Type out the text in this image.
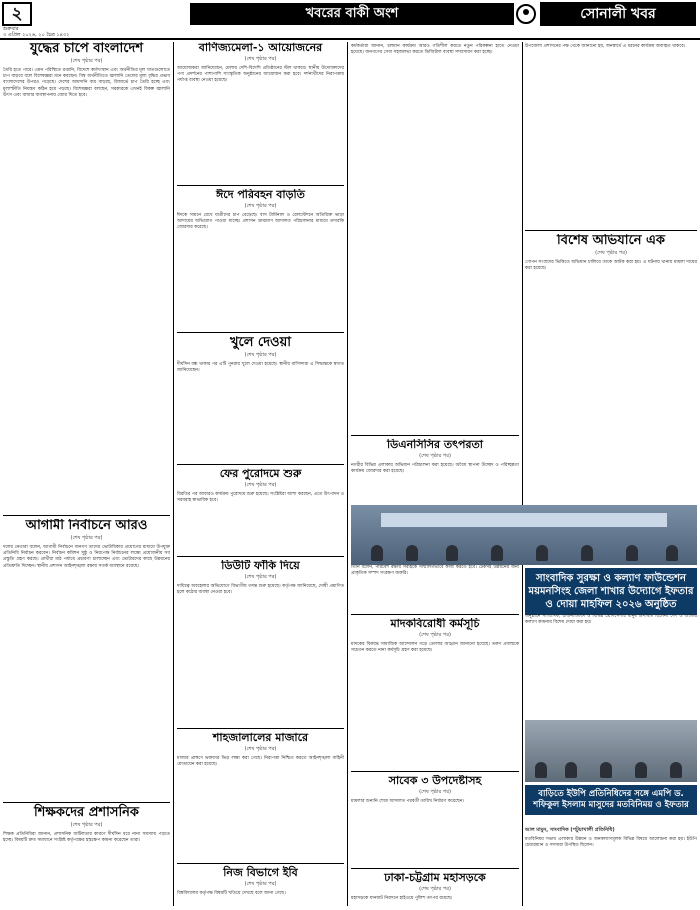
২
শুক্রবার
৩ এপ্রিল ২০২৬, ২০ চৈত্র ১৪৩২
খবরের বাকী অংশ	সোনালী খবর
যুদ্ধের চাপে বাংলাদেশ
(শেষ পৃষ্ঠার পর)
তৈরি হতে পারে। এমন পরিস্থিতে রপ্তানি, বিদেশে কর্মসংস্থান এবং অর্থনীতির মূল খাতগুলোতে চাপ বাড়বে বলে বিশেষজ্ঞরা মনে করছেন। বিশ্ব অর্থনীতিতে জ্বালানি তেলের মূল্য বৃদ্ধির প্রভাব বাংলাদেশের উপরও পড়েছে। দেশের আমদানি ব্যয় বাড়ছে, রিজার্ভে চাপ তৈরি হচ্ছে এবং মূল্যস্ফীতি নিয়ন্ত্রণ কঠিন হয়ে পড়ছে। বিশেষজ্ঞরা বলছেন, সরকারকে এখনই বিকল্প জ্বালানি উৎস এবং বাজার ব্যবস্থাপনায় জোর দিতে হবে।
আগামী নির্বাচনে আরও
(শেষ পৃষ্ঠার পর)
দলের নেতারা বলেন, আগামী নির্বাচনে জনগণ তাদের ভোটাধিকার প্রয়োগের মাধ্যমে উপযুক্ত প্রতিনিধি নির্বাচন করবেন। নির্বাচন কমিশন সুষ্ঠু ও নিরপেক্ষ নির্বাচনের লক্ষ্যে প্রয়োজনীয় সব প্রস্তুতি গ্রহণ করছে। প্রার্থীরা মাঠ পর্যায়ে প্রচারণা চালাচ্ছেন এবং ভোটারদের কাছে উন্নয়নের প্রতিশ্রুতি দিচ্ছেন। স্থানীয় প্রশাসন আইনশৃঙ্খলা রক্ষায় সতর্ক অবস্থানে রয়েছে।
শিক্ষকদের প্রশাসনিক
(শেষ পৃষ্ঠার পর)
শিক্ষক প্রতিনিধিরা জানান, প্রশাসনিক জটিলতার কারণে দীর্ঘদিন ধরে নানা সমস্যায় পড়তে হচ্ছে। বিষয়টি দ্রুত সমাধানে সংশ্লিষ্ট কর্তৃপক্ষের হস্তক্ষেপ কামনা করেছেন তারা।
বাণিজ্যমেলা-১ আয়োজনের
(শেষ পৃষ্ঠার পর)
আয়োজকরা জানিয়েছেন, মেলায় দেশি-বিদেশি প্রতিষ্ঠানের স্টল থাকবে। স্থানীয় উদ্যোক্তাদের পণ্য প্রদর্শনের পাশাপাশি সাংস্কৃতিক অনুষ্ঠানের আয়োজন করা হবে। দর্শনার্থীদের নিরাপত্তায় পর্যাপ্ত ব্যবস্থা নেওয়া হয়েছে।
ঈদে পরিবহন বাড়তি
(শেষ পৃষ্ঠার পর)
ঈদকে সামনে রেখে যাত্রীদের চাপ বেড়েছে। বাস টার্মিনাল ও রেলস্টেশনে অতিরিক্ত ভাড়া আদায়ের অভিযোগ পাওয়া যাচ্ছে। প্রশাসন ভ্রাম্যমাণ আদালত পরিচালনার মাধ্যমে তদারকি জোরদার করেছে।
খুলে দেওয়া
(শেষ পৃষ্ঠার পর)
দীর্ঘদিন বন্ধ থাকার পর এটি পুনরায় খুলে দেওয়া হয়েছে। স্থানীয় বাসিন্দারা এ সিদ্ধান্তকে স্বাগত জানিয়েছেন।
ফের পুরোদমে শুরু
(শেষ পৃষ্ঠার পর)
বিরতির পর আবারও কার্যক্রম পুরোদমে শুরু হয়েছে। সংশ্লিষ্টরা আশা করছেন, এতে উৎপাদন ও সরবরাহ স্বাভাবিক হবে।
ডিউটি ফাঁকি দিয়ে
(শেষ পৃষ্ঠার পর)
দায়িত্বে অবহেলার অভিযোগে বিভাগীয় তদন্ত শুরু হয়েছে। কর্তৃপক্ষ জানিয়েছে, দোষী প্রমাণিত হলে কঠোর ব্যবস্থা নেওয়া হবে।
শাহজালালের মাজারে
(শেষ পৃষ্ঠার পর)
মাজার প্রাঙ্গণে ভক্তদের ভিড় লক্ষ্য করা গেছে। নিরাপত্তা নিশ্চিত করতে আইনশৃঙ্খলা বাহিনী মোতায়েন করা হয়েছে।
নিজ বিভাগে ইবি
(শেষ পৃষ্ঠার পর)
বিশ্ববিদ্যালয় কর্তৃপক্ষ বিষয়টি খতিয়ে দেখছে বলে জানা গেছে।
কর্মকর্তারা জানান, চলমান কার্যক্রম আরও গতিশীল করতে নতুন পরিকল্পনা হাতে নেওয়া হয়েছে। জনগণের সেবা সহজলভ্য করতে ডিজিটাল ব্যবস্থা সম্প্রসারণ করা হচ্ছে।
ডিএনসিসির তৎপরতা
(শেষ পৃষ্ঠার পর)
নগরীর বিভিন্ন এলাকায় অভিযান পরিচালনা করা হয়েছে। অবৈধ স্থাপনা উচ্ছেদ ও পরিচ্ছন্নতা কার্যক্রম জোরদার করা হয়েছে।
তিনি বলেন, পরিবেশ রক্ষায় সবাইকে সম্মিলিতভাবে কাজ করতে হবে। টেকসই উন্নয়নের জন্য প্রাকৃতিক সম্পদ সংরক্ষণ জরুরি।
মাদকবিরোধী কর্মসূচি
(শেষ পৃষ্ঠার পর)
মাদকের বিরুদ্ধে সামাজিক আন্দোলন গড়ে তোলার আহ্বান জানানো হয়েছে। তরুণ প্রজন্মকে সচেতন করতে নানা কর্মসূচি গ্রহণ করা হয়েছে।
সাবেক ৩ উপদেষ্টাসহ
(শেষ পৃষ্ঠার পর)
মামলার শুনানি শেষে আদালত পরবর্তী তারিখ নির্ধারণ করেছেন।
ঢাকা-চট্টগ্রাম মহাসড়কে
(শেষ পৃষ্ঠার পর)
মহাসড়কে যানজট নিরসনে হাইওয়ে পুলিশ তৎপর রয়েছে।
উপজেলা প্রশাসনের পক্ষ থেকে জানানো হয়, জনস্বার্থে এ ধরনের কার্যক্রম অব্যাহত থাকবে।
বিশেষ অভিযানে এক
(শেষ পৃষ্ঠার পর)
গোপন সংবাদের ভিত্তিতে অভিযান চালিয়ে তাকে আটক করা হয়। এ ঘটনায় থানায় মামলা দায়ের করা হয়েছে।
সাংবাদিক সুরক্ষা ও কল্যাণ ফাউন্ডেশন ময়মনসিংহ জেলা শাখার উদ্যোগে ইফতার ও দোয়া মাহফিল ২০২৬ অনুষ্ঠিত
অনুষ্ঠানে সাংবাদিক, রাজনীতিবিদ ও বিভিন্ন শ্রেণিপেশার মানুষ উপস্থিত ছিলেন। দেশ ও জাতির কল্যাণ কামনায় বিশেষ দোয়া করা হয়।
বাড়িতে ইউপি প্রতিনিধিদের সঙ্গে এমপি ড. শফিকুল ইসলাম মাসুদের মতবিনিময় ও ইফতার
আল মামুন, সাংবাদিক (পটুয়াখালী প্রতিনিধি)
মতবিনিময় সভায় এলাকার উন্নয়ন ও জনকল্যাণমূলক বিভিন্ন বিষয়ে আলোচনা করা হয়। ইউপি চেয়ারম্যান ও সদস্যরা উপস্থিত ছিলেন।
